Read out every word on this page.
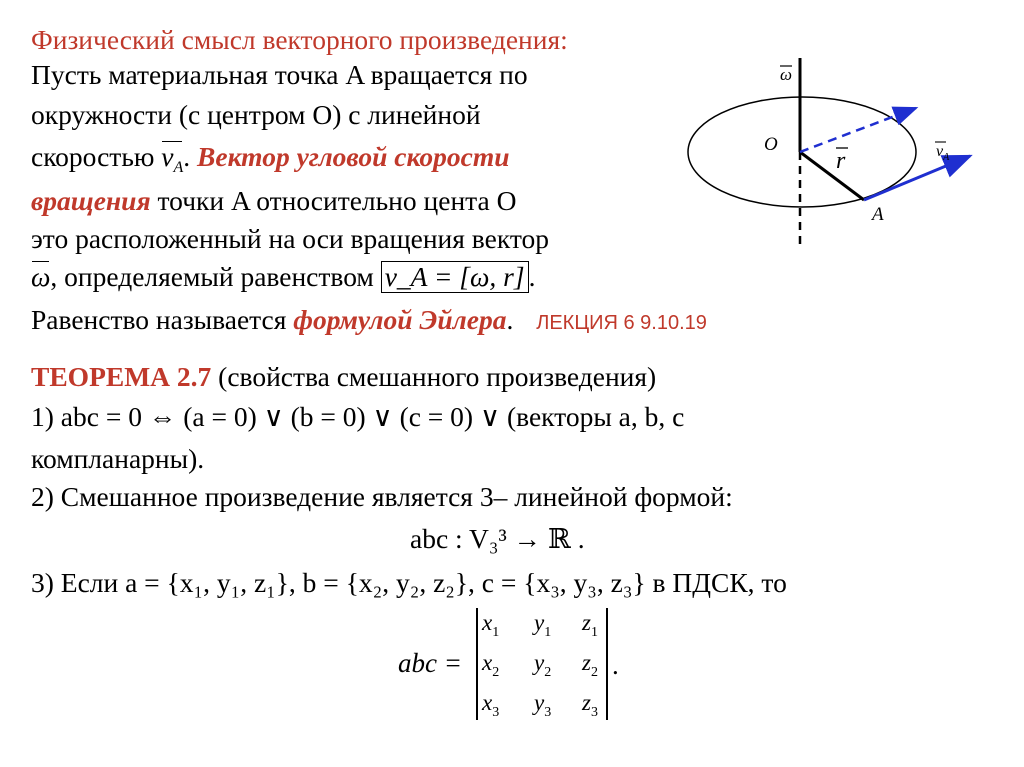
Физический смысл векторного произведения:
Пусть материальная точка A вращается по
окружности (с центром O) с линейной
скоростью $v_A$. Вектор угловой скорости
вращения точки A относительно цента O
это расположенный на оси вращения вектор
ω, определяемый равенством v_A = [ω, r] .
Равенство называется формулой Эйлера. ЛЕКЦИЯ 6 9.10.19
ТЕОРЕМА 2.7 (свойства смешанного произведения)
1) abc = 0 ⇔ (a = 0) ∨ (b = 0) ∨ (c = 0) ∨ (векторы a, b, c
компланарны).
2) Смешанное произведение является 3– линейной формой:
abc : V₃³ → ℝ .
3) Если a = {x₁, y₁, z₁}, b = {x₂, y₂, z₂}, c = {x₃, y₃, z₃} в ПДСК, то
abc =
$x_1$ $y_1$ $z_1$
$x_2$ $y_2$ $z_2$
$x_3$ $y_3$ $z_3$
.
ω
O
r
A
$v_A$
